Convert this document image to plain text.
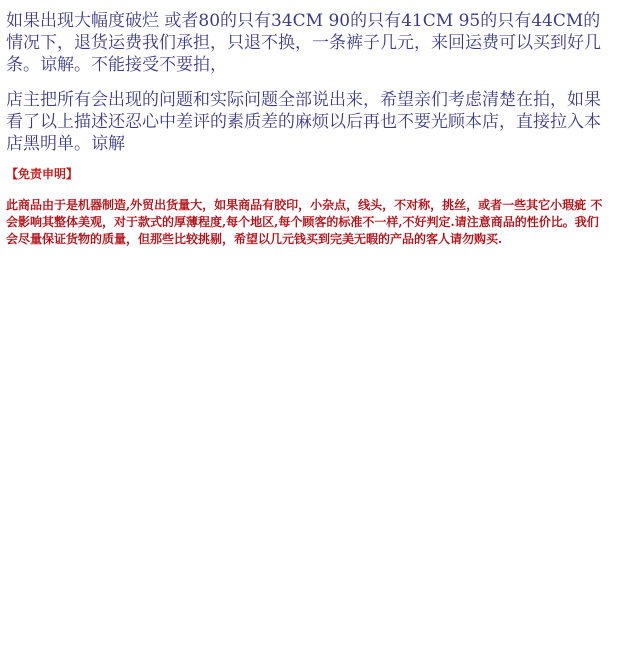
如果出现大幅度破烂 或者80的只有34CM 90的只有41CM 95的只有44CM的情况下，退货运费我们承担，只退不换，一条裤子几元，来回运费可以买到好几条。谅解。不能接受不要拍，

店主把所有会出现的问题和实际问题全部说出来，希望亲们考虑清楚在拍，如果看了以上描述还忍心中差评的素质差的麻烦以后再也不要光顾本店，直接拉入本店黑明单。谅解

【免责申明】

此商品由于是机器制造,外贸出货量大，如果商品有胶印，小杂点，线头，不对称，挑丝，或者一些其它小瑕疵 不会影响其整体美观，对于款式的厚薄程度,每个地区,每个顾客的标准不一样,不好判定.请注意商品的性价比。我们会尽量保证货物的质量，但那些比较挑剔，希望以几元钱买到完美无暇的产品的客人请勿购买.
